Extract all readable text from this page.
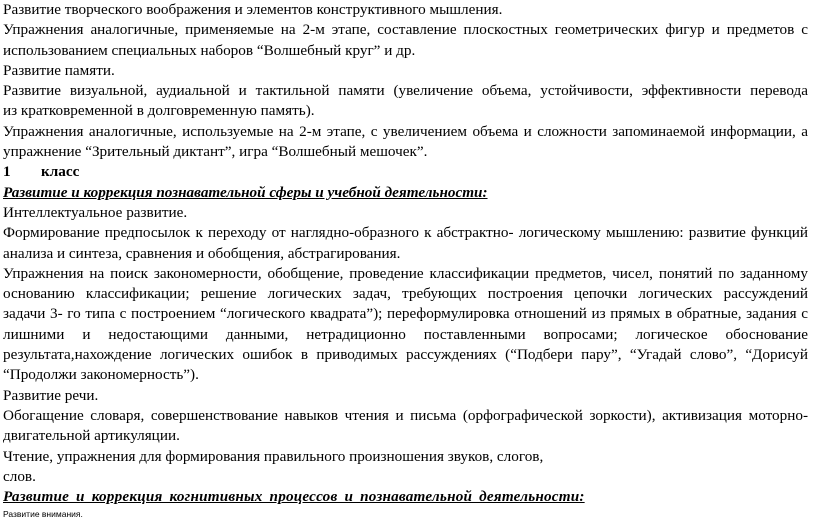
Развитие творческого воображения и элементов конструктивного мышления.
Упражнения аналогичные, применяемые на 2-м этапе, составление плоскостных геометрических фигур и предметов с
использованием специальных наборов “Волшебный круг” и др.
Развитие памяти.
Развитие визуальной, аудиальной и тактильной памяти (увеличение объема, устойчивости, эффективности перевода
из кратковременной в долговременную память).
Упражнения аналогичные, используемые на 2-м этапе, с увеличением объема и сложности запоминаемой информации, а
упражнение “Зрительный диктант”, игра “Волшебный мешочек”.
1 класс
Развитие и коррекция познавательной сферы и учебной деятельности:
Интеллектуальное развитие.
Формирование предпосылок к переходу от наглядно-образного к абстрактно- логическому мышлению: развитие функций
анализа и синтеза, сравнения и обобщения, абстрагирования.
Упражнения на поиск закономерности, обобщение, проведение классификации предметов, чисел, понятий по заданному
основанию классификации; решение логических задач, требующих построения цепочки логических рассуждений
задачи 3- го типа с построением “логического квадрата”); переформулировка отношений из прямых в обратные, задания с
лишними и недостающими данными, нетрадиционно поставленными вопросами; логическое обоснование
результата,нахождение логических ошибок в приводимых рассуждениях (“Подбери пару”, “Угадай слово”, “Дорисуй
“Продолжи закономерность”).
Развитие речи.
Обогащение словаря, совершенствование навыков чтения и письма (орфографической зоркости), активизация моторно-
двигательной артикуляции.
Чтение, упражнения для формирования правильного произношения звуков, слогов,
слов.
Развитие и коррекция когнитивных процессов и познавательной деятельности:
Развитие внимания.
